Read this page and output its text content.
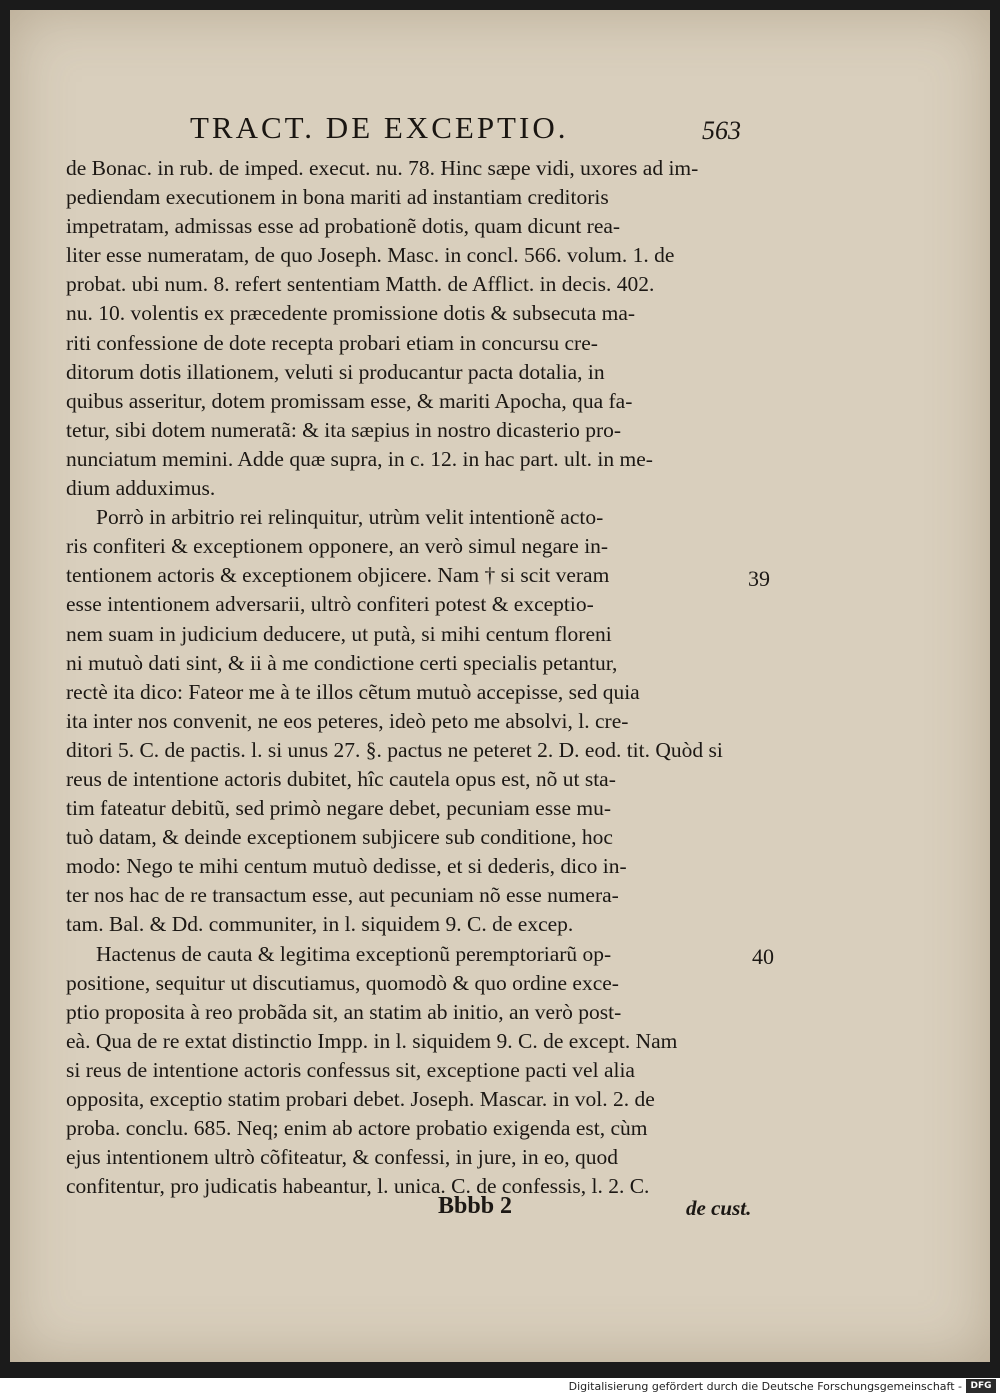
TRACT. DE EXCEPTIO.	563
de Bonac. in rub. de imped. execut. nu. 78. Hinc sæpe vidi, uxores ad im-
pediendam executionem in bona mariti ad instantiam creditoris
impetratam, admissas esse ad probationẽ dotis, quam dicunt rea-
liter esse numeratam, de quo Joseph. Masc. in concl. 566. volum. 1. de
probat. ubi num. 8. refert sententiam Matth. de Afflict. in decis. 402.
nu. 10. volentis ex præcedente promissione dotis & subsecuta ma-
riti confessione de dote recepta probari etiam in concursu cre-
ditorum dotis illationem, veluti si producantur pacta dotalia, in
quibus asseritur, dotem promissam esse, & mariti Apocha, qua fa-
tetur, sibi dotem numeratã: & ita sæpius in nostro dicasterio pro-
nunciatum memini. Adde quæ supra, in c. 12. in hac part. ult. in me-
dium adduximus.
Porrò in arbitrio rei relinquitur, utrùm velit intentionẽ acto-
ris confiteri & exceptionem opponere, an verò simul negare in-
tentionem actoris & exceptionem objicere. Nam † si scit veram
esse intentionem adversarii, ultrò confiteri potest & exceptio-
nem suam in judicium deducere, ut putà, si mihi centum floreni
ni mutuò dati sint, & ii à me condictione certi specialis petantur,
rectè ita dico: Fateor me à te illos cẽtum mutuò accepisse, sed quia
ita inter nos convenit, ne eos peteres, ideò peto me absolvi, l. cre-
ditori 5. C. de pactis. l. si unus 27. §. pactus ne peteret 2. D. eod. tit. Quòd si
reus de intentione actoris dubitet, hîc cautela opus est, nõ ut sta-
tim fateatur debitũ, sed primò negare debet, pecuniam esse mu-
tuò datam, & deinde exceptionem subjicere sub conditione, hoc
modo: Nego te mihi centum mutuò dedisse, et si dederis, dico in-
ter nos hac de re transactum esse, aut pecuniam nõ esse numera-
tam. Bal. & Dd. communiter, in l. siquidem 9. C. de excep.
Hactenus de cauta & legitima exceptionũ peremptoriarũ op-
positione, sequitur ut discutiamus, quomodò & quo ordine exce-
ptio proposita à reo probãda sit, an statim ab initio, an verò post-
eà. Qua de re extat distinctio Impp. in l. siquidem 9. C. de except. Nam
si reus de intentione actoris confessus sit, exceptione pacti vel alia
opposita, exceptio statim probari debet. Joseph. Mascar. in vol. 2. de
proba. conclu. 685. Neq; enim ab actore probatio exigenda est, cùm
ejus intentionem ultrò cõfiteatur, & confessi, in jure, in eo, quod
confitentur, pro judicatis habeantur, l. unica. C. de confessis, l. 2. C.
39
40
Bbbb 2	de cust.
Digitalisierung gefördert durch die Deutsche Forschungsgemeinschaft - DFG
